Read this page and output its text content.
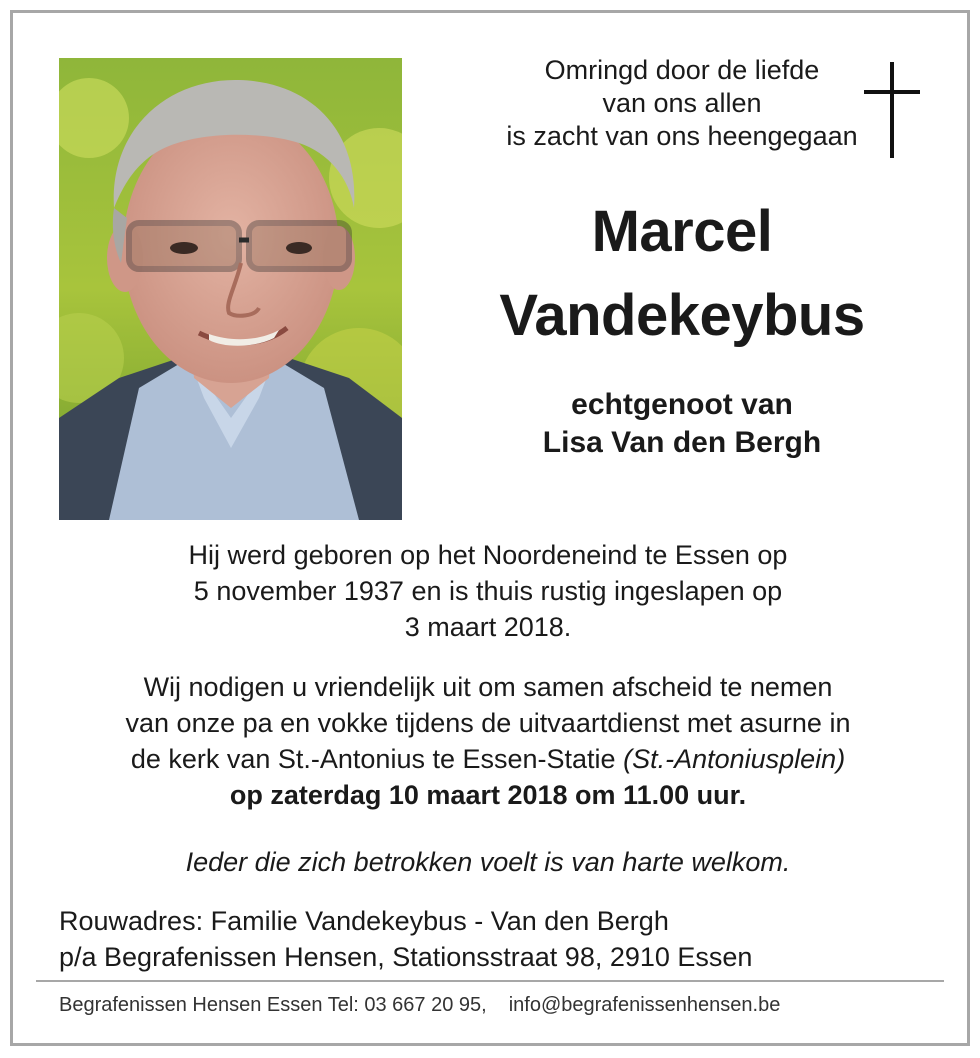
Omringd door de liefde
van ons allen
is zacht van ons heengegaan
Marcel
Vandekeybus
echtgenoot van
Lisa Van den Bergh
Hij werd geboren op het Noordeneind te Essen op
5 november 1937 en is thuis rustig ingeslapen op
3 maart 2018.
Wij nodigen u vriendelijk uit om samen afscheid te nemen
van onze pa en vokke tijdens de uitvaartdienst met asurne in
de kerk van St.-Antonius te Essen-Statie (St.-Antoniusplein)
op zaterdag 10 maart 2018 om 11.00 uur.
Ieder die zich betrokken voelt is van harte welkom.
Rouwadres: Familie Vandekeybus - Van den Bergh
p/a Begrafenissen Hensen, Stationsstraat 98, 2910 Essen
Begrafenissen Hensen Essen Tel: 03 667 20 95, info@begrafenissenhensen.be
